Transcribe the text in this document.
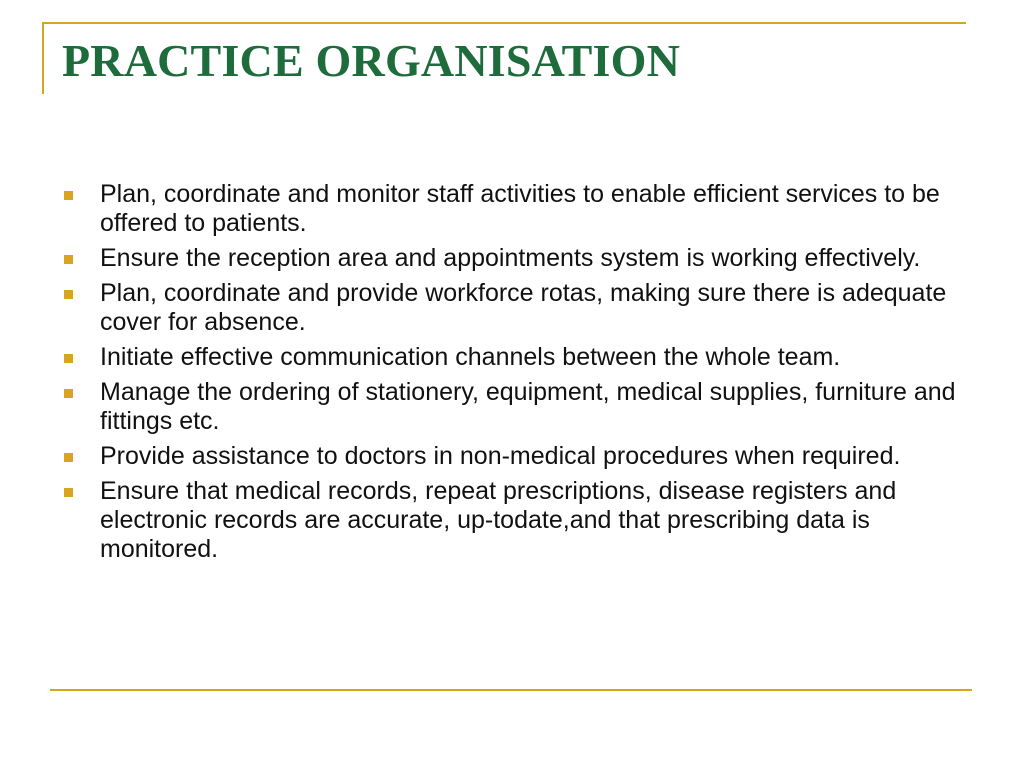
PRACTICE ORGANISATION
Plan, coordinate and monitor staff activities to enable efficient services to be offered to patients.
Ensure the reception area and appointments system is working effectively.
Plan, coordinate and provide workforce rotas, making sure there is adequate cover for absence.
Initiate effective communication channels between the whole team.
Manage the ordering of stationery, equipment, medical supplies, furniture and fittings etc.
Provide assistance to doctors in non-medical procedures when required.
Ensure that medical records, repeat prescriptions, disease registers and electronic records are accurate, up-todate,and that prescribing data is monitored.
